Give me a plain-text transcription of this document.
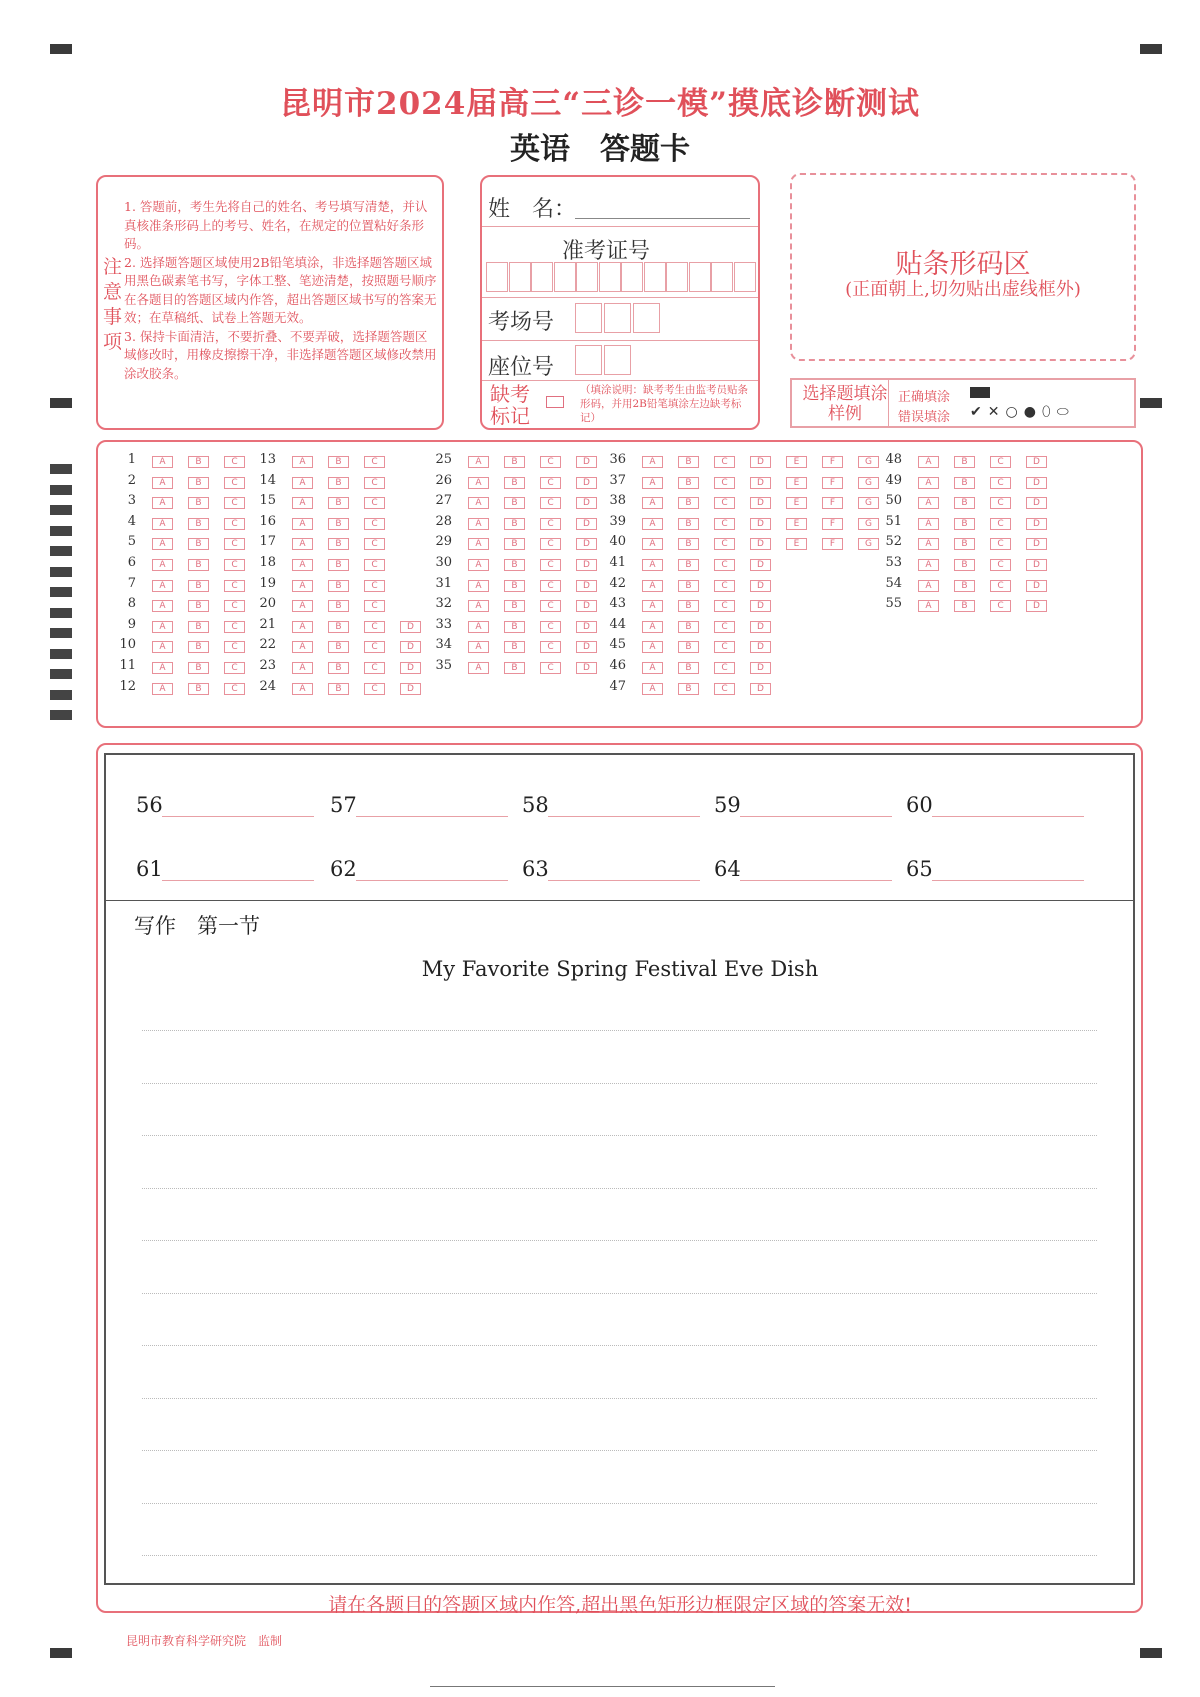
昆明市2024届高三“三诊一模”摸底诊断测试
英语　答题卡
注
意
事
项

1. 答题前，考生先将自己的姓名、考号填写清楚，并认真核准条形码上的考号、姓名，在规定的位置粘好条形码。

2. 选择题答题区域使用2B铅笔填涂，非选择题答题区域用黑色碳素笔书写，字体工整、笔迹清楚，按照题号顺序在各题目的答题区域内作答，超出答题区域书写的答案无效；在草稿纸、试卷上答题无效。

3. 保持卡面清洁，不要折叠、不要弄破，选择题答题区域修改时，用橡皮擦擦干净，非选择题答题区域修改禁用涂改胶条。

姓　名：
准考证号
考场号
座位号
缺考标记
（填涂说明：缺考考生由监考员贴条形码，并用2B铅笔填涂左边缺考标记）
贴条形码区
(正面朝上,切勿贴出虚线框外)
选择题填涂样例
正确填涂
错误填涂 ✔✕○●⬯⬭
1	A	B	C
2	A	B	C
3	A	B	C
4	A	B	C
5	A	B	C
6	A	B	C
7	A	B	C
8	A	B	C
9	A	B	C
10	A	B	C
11	A	B	C
12	A	B	C
13	A	B	C
14	A	B	C
15	A	B	C
16	A	B	C
17	A	B	C
18	A	B	C
19	A	B	C
20	A	B	C
21	A	B	C	D
22	A	B	C	D
23	A	B	C	D
24	A	B	C	D
25	A	B	C	D
26	A	B	C	D
27	A	B	C	D
28	A	B	C	D
29	A	B	C	D
30	A	B	C	D
31	A	B	C	D
32	A	B	C	D
33	A	B	C	D
34	A	B	C	D
35	A	B	C	D
36	A	B	C	D	E	F	G
37	A	B	C	D	E	F	G
38	A	B	C	D	E	F	G
39	A	B	C	D	E	F	G
40	A	B	C	D	E	F	G
41	A	B	C	D
42	A	B	C	D
43	A	B	C	D
44	A	B	C	D
45	A	B	C	D
46	A	B	C	D
47	A	B	C	D
48	A	B	C	D
49	A	B	C	D
50	A	B	C	D
51	A	B	C	D
52	A	B	C	D
53	A	B	C	D
54	A	B	C	D
55	A	B	C	D
56	57	58	59	60
61	62	63	64	65
写作　第一节
My Favorite Spring Festival Eve Dish
请在各题目的答题区域内作答,超出黑色矩形边框限定区域的答案无效!
昆明市教育科学研究院　监制
